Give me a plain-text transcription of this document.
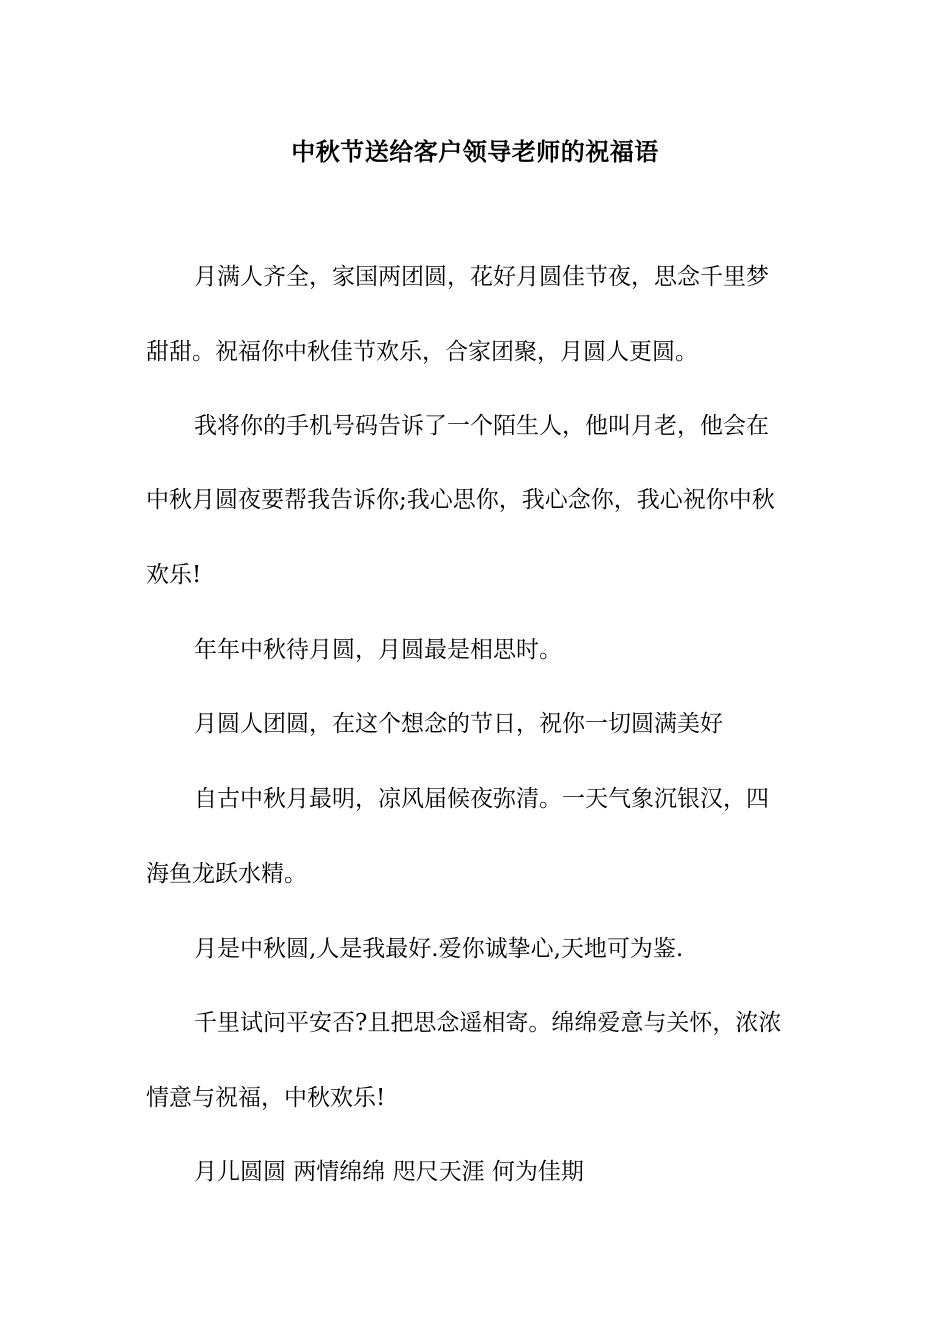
中秋节送给客户领导老师的祝福语
月满人齐全，家国两团圆，花好月圆佳节夜，思念千里梦
甜甜。祝福你中秋佳节欢乐，合家团聚，月圆人更圆。
我将你的手机号码告诉了一个陌生人，他叫月老，他会在
中秋月圆夜要帮我告诉你;我心思你，我心念你，我心祝你中秋
欢乐!
年年中秋待月圆，月圆最是相思时。
月圆人团圆，在这个想念的节日，祝你一切圆满美好
自古中秋月最明，凉风届候夜弥清。一天气象沉银汉，四
海鱼龙跃水精。
月是中秋圆,人是我最好.爱你诚挚心,天地可为鉴.
千里试问平安否?且把思念遥相寄。绵绵爱意与关怀，浓浓
情意与祝福，中秋欢乐!
月儿圆圆 两情绵绵 咫尺天涯 何为佳期
